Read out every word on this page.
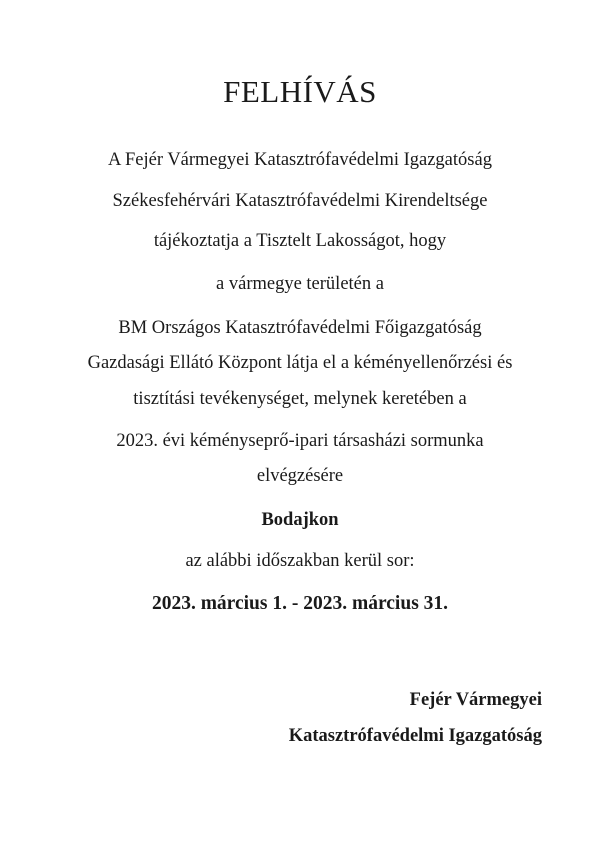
FELHÍVÁS
A Fejér Vármegyei Katasztrófavédelmi Igazgatóság
Székesfehérvári Katasztrófavédelmi Kirendeltsége
tájékoztatja a Tisztelt Lakosságot, hogy
a vármegye területén a
BM Országos Katasztrófavédelmi Főigazgatóság
Gazdasági Ellátó Központ látja el a kéményellenőrzési és
tisztítási tevékenységet, melynek keretében a
2023. évi kéményseprő-ipari társasházi sormunka
elvégzésére
Bodajkon
az alábbi időszakban kerül sor:
2023. március 1. - 2023. március 31.
Fejér Vármegyei
Katasztrófavédelmi Igazgatóság
